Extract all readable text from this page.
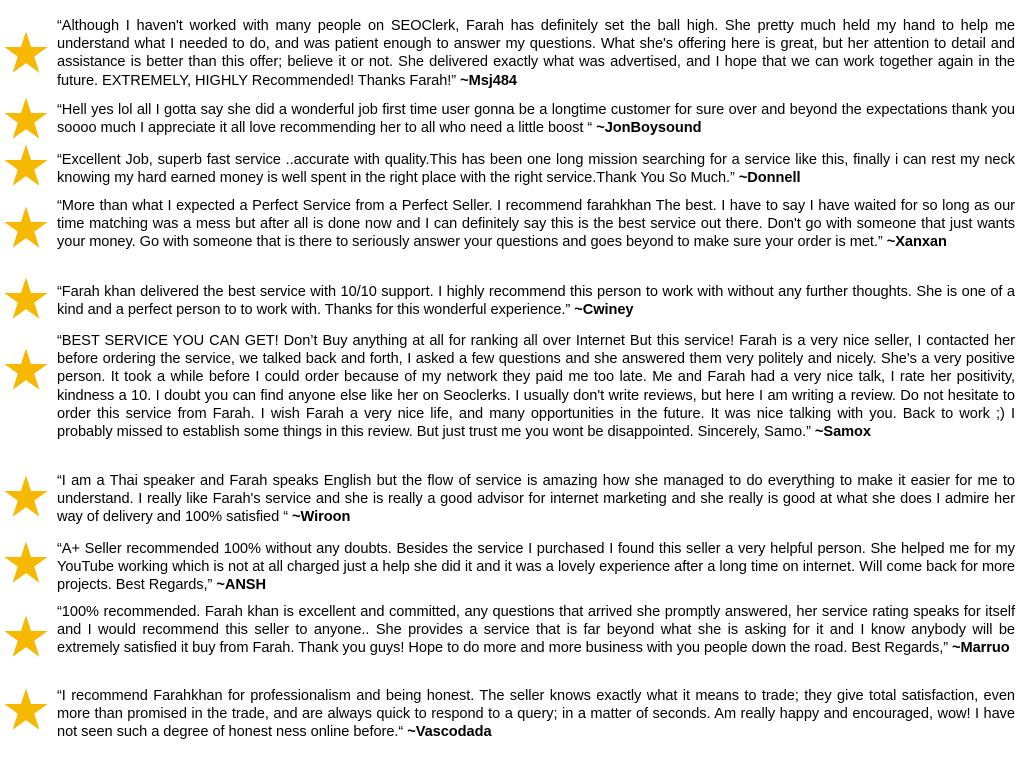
“Although I haven't worked with many people on SEOClerk, Farah has definitely set the ball high. She pretty much held my hand to help me understand what I needed to do, and was patient enough to answer my questions. What she's offering here is great, but her attention to detail and assistance is better than this offer; believe it or not. She delivered exactly what was advertised, and I hope that we can work together again in the future. EXTREMELY, HIGHLY Recommended! Thanks Farah!” ~Msj484

“Hell yes lol all I gotta say she did a wonderful job first time user gonna be a longtime customer for sure over and beyond the expectations thank you soooo much I appreciate it all love recommending her to all who need a little boost “ ~JonBoysound

“Excellent Job, superb fast service ..accurate with quality.This has been one long mission searching for a service like this, finally i can rest my neck knowing my hard earned money is well spent in the right place with the right service.Thank You So Much.” ~Donnell

“More than what I expected a Perfect Service from a Perfect Seller. I recommend farahkhan The best. I have to say I have waited for so long as our time matching was a mess but after all is done now and I can definitely say this is the best service out there. Don't go with someone that just wants your money. Go with someone that is there to seriously answer your questions and goes beyond to make sure your order is met.” ~Xanxan

“Farah khan delivered the best service with 10/10 support. I highly recommend this person to work with without any further thoughts. She is one of a kind and a perfect person to to work with. Thanks for this wonderful experience.” ~Cwiney

“BEST SERVICE YOU CAN GET! Don’t Buy anything at all for ranking all over Internet But this service! Farah is a very nice seller, I contacted her before ordering the service, we talked back and forth, I asked a few questions and she answered them very politely and nicely. She's a very positive person. It took a while before I could order because of my network they paid me too late. Me and Farah had a very nice talk, I rate her positivity, kindness a 10. I doubt you can find anyone else like her on Seoclerks. I usually don't write reviews, but here I am writing a review. Do not hesitate to order this service from Farah. I wish Farah a very nice life, and many opportunities in the future. It was nice talking with you. Back to work ;) I probably missed to establish some things in this review. But just trust me you wont be disappointed. Sincerely, Samo.” ~Samox

“I am a Thai speaker and Farah speaks English but the flow of service is amazing how she managed to do everything to make it easier for me to understand. I really like Farah's service and she is really a good advisor for internet marketing and she really is good at what she does I admire her way of delivery and 100% satisfied “ ~Wiroon

“A+ Seller recommended 100% without any doubts. Besides the service I purchased I found this seller a very helpful person. She helped me for my YouTube working which is not at all charged just a help she did it and it was a lovely experience after a long time on internet. Will come back for more projects. Best Regards,” ~ANSH

“100% recommended. Farah khan is excellent and committed, any questions that arrived she promptly answered, her service rating speaks for itself and I would recommend this seller to anyone.. She provides a service that is far beyond what she is asking for it and I know anybody will be extremely satisfied it buy from Farah. Thank you guys! Hope to do more and more business with you people down the road. Best Regards,” ~Marruo

“I recommend Farahkhan for professionalism and being honest. The seller knows exactly what it means to trade; they give total satisfaction, even more than promised in the trade, and are always quick to respond to a query; in a matter of seconds. Am really happy and encouraged, wow! I have not seen such a degree of honest ness online before.“ ~Vascodada
